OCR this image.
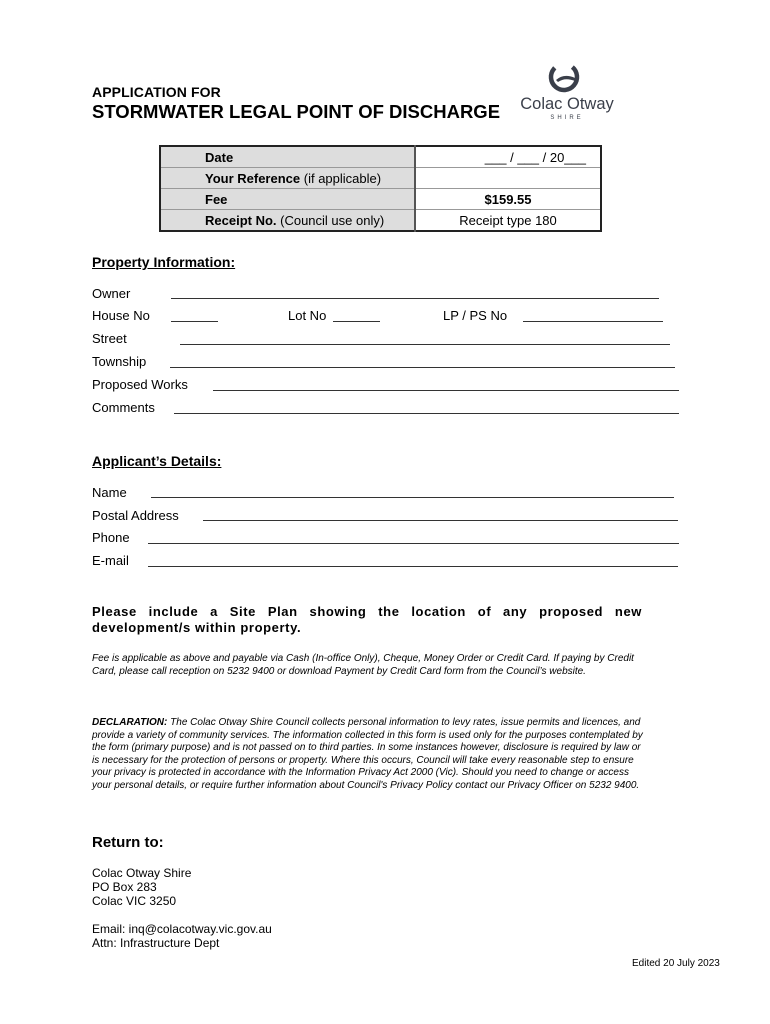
APPLICATION FOR
STORMWATER LEGAL POINT OF DISCHARGE Colac Otway
SHIRE
Date	___ / ___ / 20___
Your Reference (if applicable)	
Fee	$159.55
Receipt No. (Council use only)	Receipt type 180
Property Information:
Owner
House No	Lot No	LP / PS No
Street
Township
Proposed Works
Comments
Applicant’s Details:
Name
Postal Address
Phone
E-mail
Please include a Site Plan showing the location of any proposed new development/s within property.
Fee is applicable as above and payable via Cash (In-office Only), Cheque, Money Order or Credit Card. If paying by Credit Card, please call reception on 5232 9400 or download Payment by Credit Card form from the Council’s website.
DECLARATION: The Colac Otway Shire Council collects personal information to levy rates, issue permits and licences, and provide a variety of community services. The information collected in this form is used only for the purposes contemplated by the form (primary purpose) and is not passed on to third parties. In some instances however, disclosure is required by law or is necessary for the protection of persons or property. Where this occurs, Council will take every reasonable step to ensure your privacy is protected in accordance with the Information Privacy Act 2000 (Vic). Should you need to change or access your personal details, or require further information about Council's Privacy Policy contact our Privacy Officer on 5232 9400.
Return to:
Colac Otway Shire
PO Box 283
Colac VIC 3250
Email: inq@colacotway.vic.gov.au
Attn: Infrastructure Dept
Edited 20 July 2023
